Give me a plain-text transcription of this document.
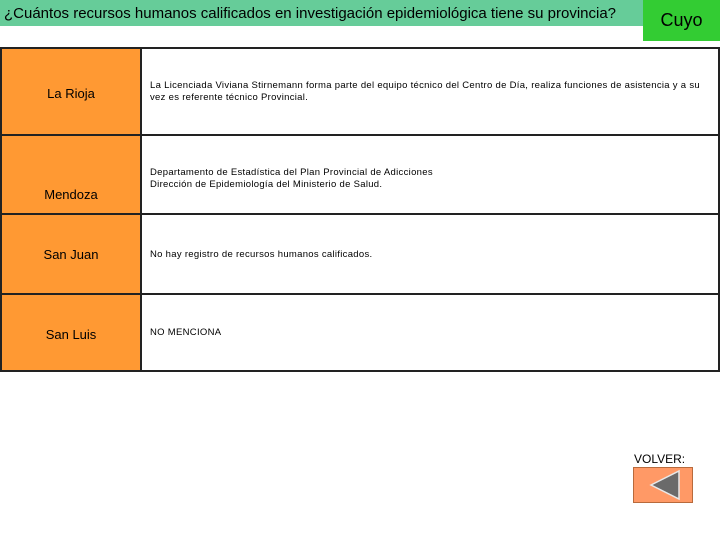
¿Cuántos recursos humanos calificados en investigación epidemiológica tiene su provincia? Cuyo
La Rioja
La Licenciada Viviana Stirnemann forma parte del equipo técnico del Centro de Día, realiza funciones de asistencia y a su vez es referente técnico Provincial.
Mendoza

Departamento de Estadística del Plan Provincial de Adicciones
Dirección de Epidemiología del Ministerio de Salud.

San Juan	No hay registro de recursos humanos calificados.
San Luis	NO MENCIONA
VOLVER:
